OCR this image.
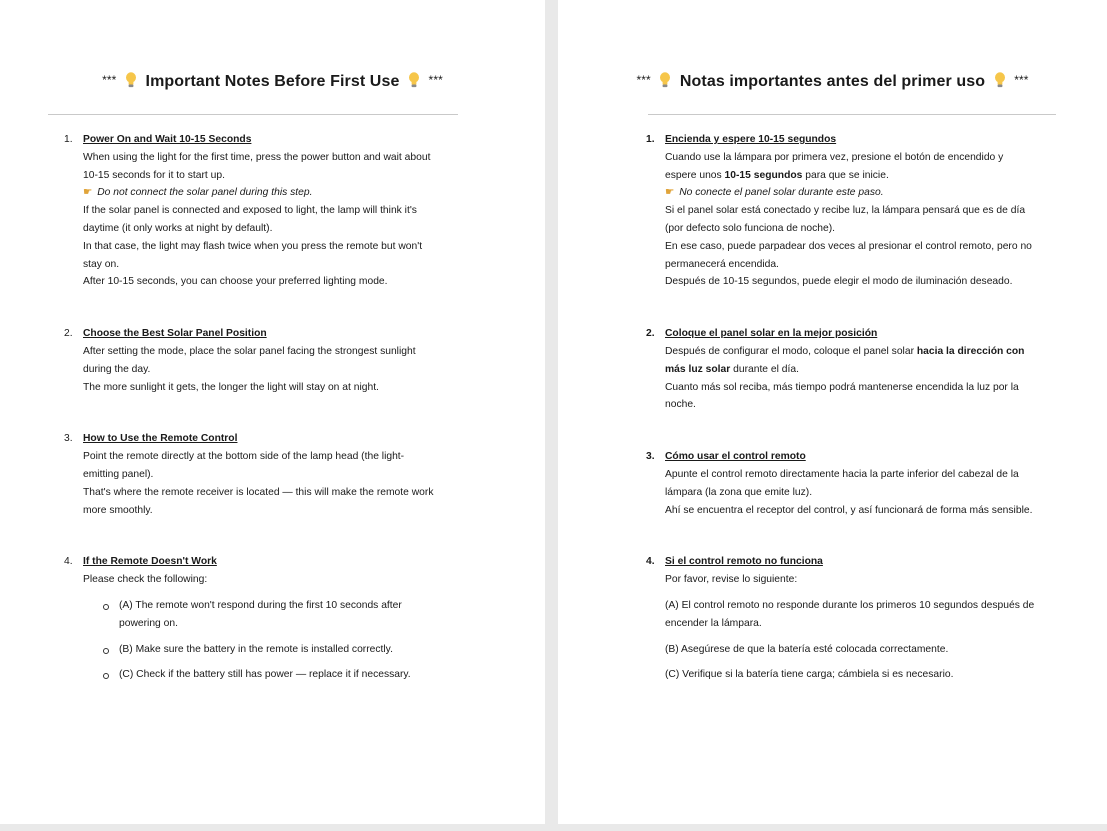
*** Important Notes Before First Use ***
1.	Power On and Wait 10-15 Seconds
When using the light for the first time, press the power button and wait about
10-15 seconds for it to start up.
☛ Do not connect the solar panel during this step.
If the solar panel is connected and exposed to light, the lamp will think it's
daytime (it only works at night by default).
In that case, the light may flash twice when you press the remote but won't
stay on.
After 10-15 seconds, you can choose your preferred lighting mode.
2.	Choose the Best Solar Panel Position
After setting the mode, place the solar panel facing the strongest sunlight
during the day.
The more sunlight it gets, the longer the light will stay on at night.
3.	How to Use the Remote Control
Point the remote directly at the bottom side of the lamp head (the light-
emitting panel).
That's where the remote receiver is located — this will make the remote work
more smoothly.
4.	If the Remote Doesn't Work
Please check the following:
(A) The remote won't respond during the first 10 seconds after
powering on.
(B) Make sure the battery in the remote is installed correctly.
(C) Check if the battery still has power — replace it if necessary.
*** Notas importantes antes del primer uso ***
1.	Encienda y espere 10-15 segundos
Cuando use la lámpara por primera vez, presione el botón de encendido y
espere unos 10-15 segundos para que se inicie.
☛ No conecte el panel solar durante este paso.
Si el panel solar está conectado y recibe luz, la lámpara pensará que es de día
(por defecto solo funciona de noche).
En ese caso, puede parpadear dos veces al presionar el control remoto, pero no
permanecerá encendida.
Después de 10-15 segundos, puede elegir el modo de iluminación deseado.
2.	Coloque el panel solar en la mejor posición
Después de configurar el modo, coloque el panel solar hacia la dirección con
más luz solar durante el día.
Cuanto más sol reciba, más tiempo podrá mantenerse encendida la luz por la
noche.
3.	Cómo usar el control remoto
Apunte el control remoto directamente hacia la parte inferior del cabezal de la
lámpara (la zona que emite luz).
Ahí se encuentra el receptor del control, y así funcionará de forma más sensible.
4.	Si el control remoto no funciona
Por favor, revise lo siguiente:
(A) El control remoto no responde durante los primeros 10 segundos después de
encender la lámpara.
(B) Asegúrese de que la batería esté colocada correctamente.
(C) Verifique si la batería tiene carga; cámbiela si es necesario.
